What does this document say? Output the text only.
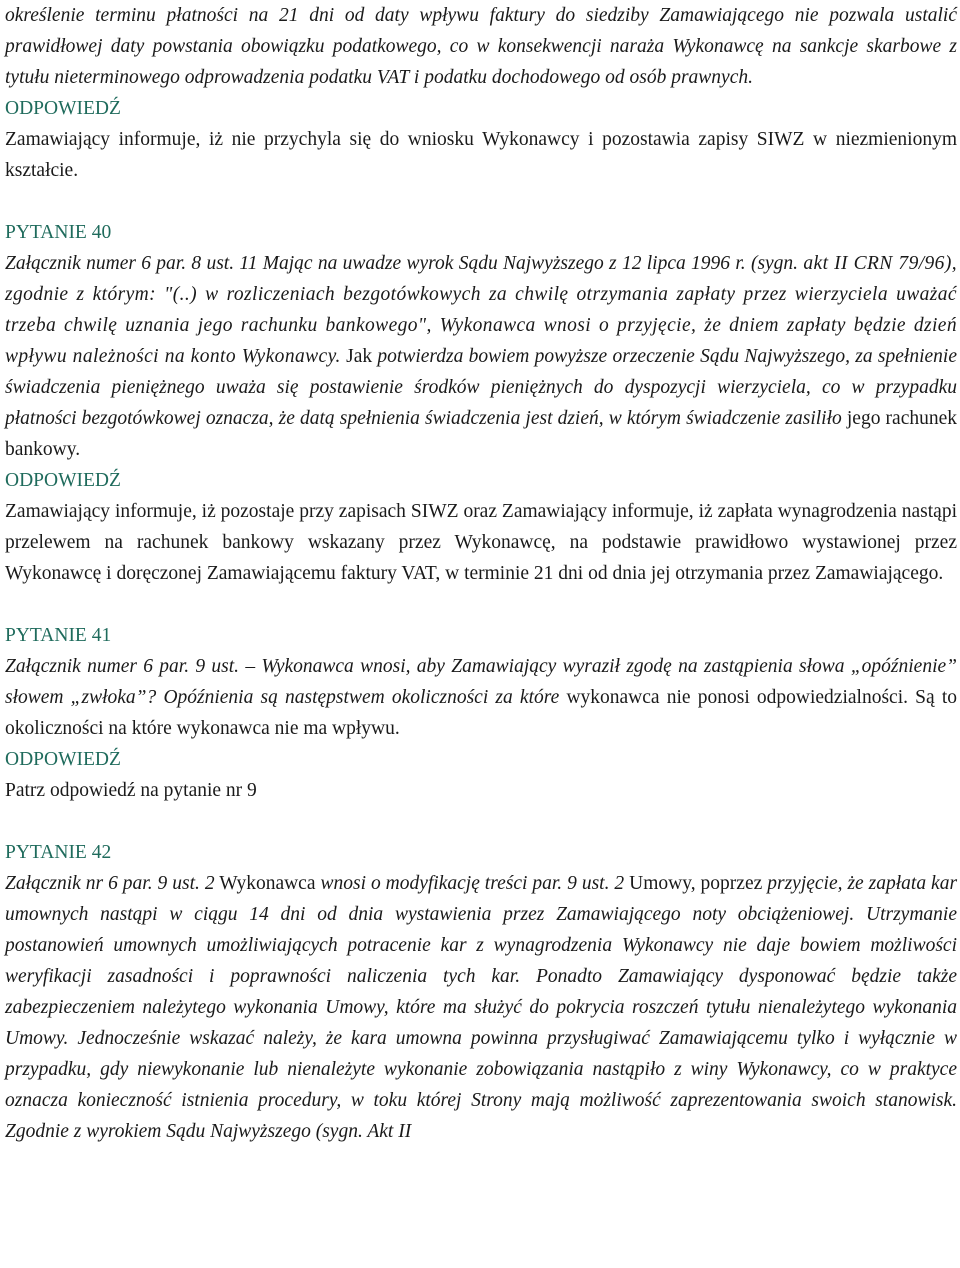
określenie terminu płatności na 21 dni od daty wpływu faktury do siedziby Zamawiającego nie pozwala ustalić prawidłowej daty powstania obowiązku podatkowego, co w konsekwencji naraża Wykonawcę na sankcje skarbowe z tytułu nieterminowego odprowadzenia podatku VAT i podatku dochodowego od osób prawnych.

ODPOWIEDŹ

Zamawiający informuje, iż nie przychyla się do wniosku Wykonawcy i pozostawia zapisy SIWZ w niezmienionym kształcie.

PYTANIE 40

Załącznik numer 6 par. 8 ust. 11 Mając na uwadze wyrok Sądu Najwyższego z 12 lipca 1996 r. (sygn. akt II CRN 79/96), zgodnie z którym: "(..) w rozliczeniach bezgotówkowych za chwilę otrzymania zapłaty przez wierzyciela uważać trzeba chwilę uznania jego rachunku bankowego", Wykonawca wnosi o przyjęcie, że dniem zapłaty będzie dzień wpływu należności na konto Wykonawcy. Jak potwierdza bowiem powyższe orzeczenie Sądu Najwyższego, za spełnienie świadczenia pieniężnego uważa się postawienie środków pieniężnych do dyspozycji wierzyciela, co w przypadku płatności bezgotówkowej oznacza, że datą spełnienia świadczenia jest dzień, w którym świadczenie zasiliło jego rachunek bankowy.

ODPOWIEDŹ

Zamawiający informuje, iż pozostaje przy zapisach SIWZ oraz Zamawiający informuje, iż zapłata wynagrodzenia nastąpi przelewem na rachunek bankowy wskazany przez Wykonawcę, na podstawie prawidłowo wystawionej przez Wykonawcę i doręczonej Zamawiającemu faktury VAT, w terminie 21 dni od dnia jej otrzymania przez Zamawiającego.

PYTANIE 41

Załącznik numer 6 par. 9 ust. – Wykonawca wnosi, aby Zamawiający wyraził zgodę na zastąpienia słowa „opóźnienie” słowem „zwłoka”? Opóźnienia są następstwem okoliczności za które wykonawca nie ponosi odpowiedzialności. Są to okoliczności na które wykonawca nie ma wpływu.

ODPOWIEDŹ

Patrz odpowiedź na pytanie nr 9

PYTANIE 42

Załącznik nr 6 par. 9 ust. 2 Wykonawca wnosi o modyfikację treści par. 9 ust. 2 Umowy, poprzez przyjęcie, że zapłata kar umownych nastąpi w ciągu 14 dni od dnia wystawienia przez Zamawiającego noty obciążeniowej. Utrzymanie postanowień umownych umożliwiających potracenie kar z wynagrodzenia Wykonawcy nie daje bowiem możliwości weryfikacji zasadności i poprawności naliczenia tych kar. Ponadto Zamawiający dysponować będzie także zabezpieczeniem należytego wykonania Umowy, które ma służyć do pokrycia roszczeń tytułu nienależytego wykonania Umowy. Jednocześnie wskazać należy, że kara umowna powinna przysługiwać Zamawiającemu tylko i wyłącznie w przypadku, gdy niewykonanie lub nienależyte wykonanie zobowiązania nastąpiło z winy Wykonawcy, co w praktyce oznacza konieczność istnienia procedury, w toku której Strony mają możliwość zaprezentowania swoich stanowisk. Zgodnie z wyrokiem Sądu Najwyższego (sygn. Akt II
